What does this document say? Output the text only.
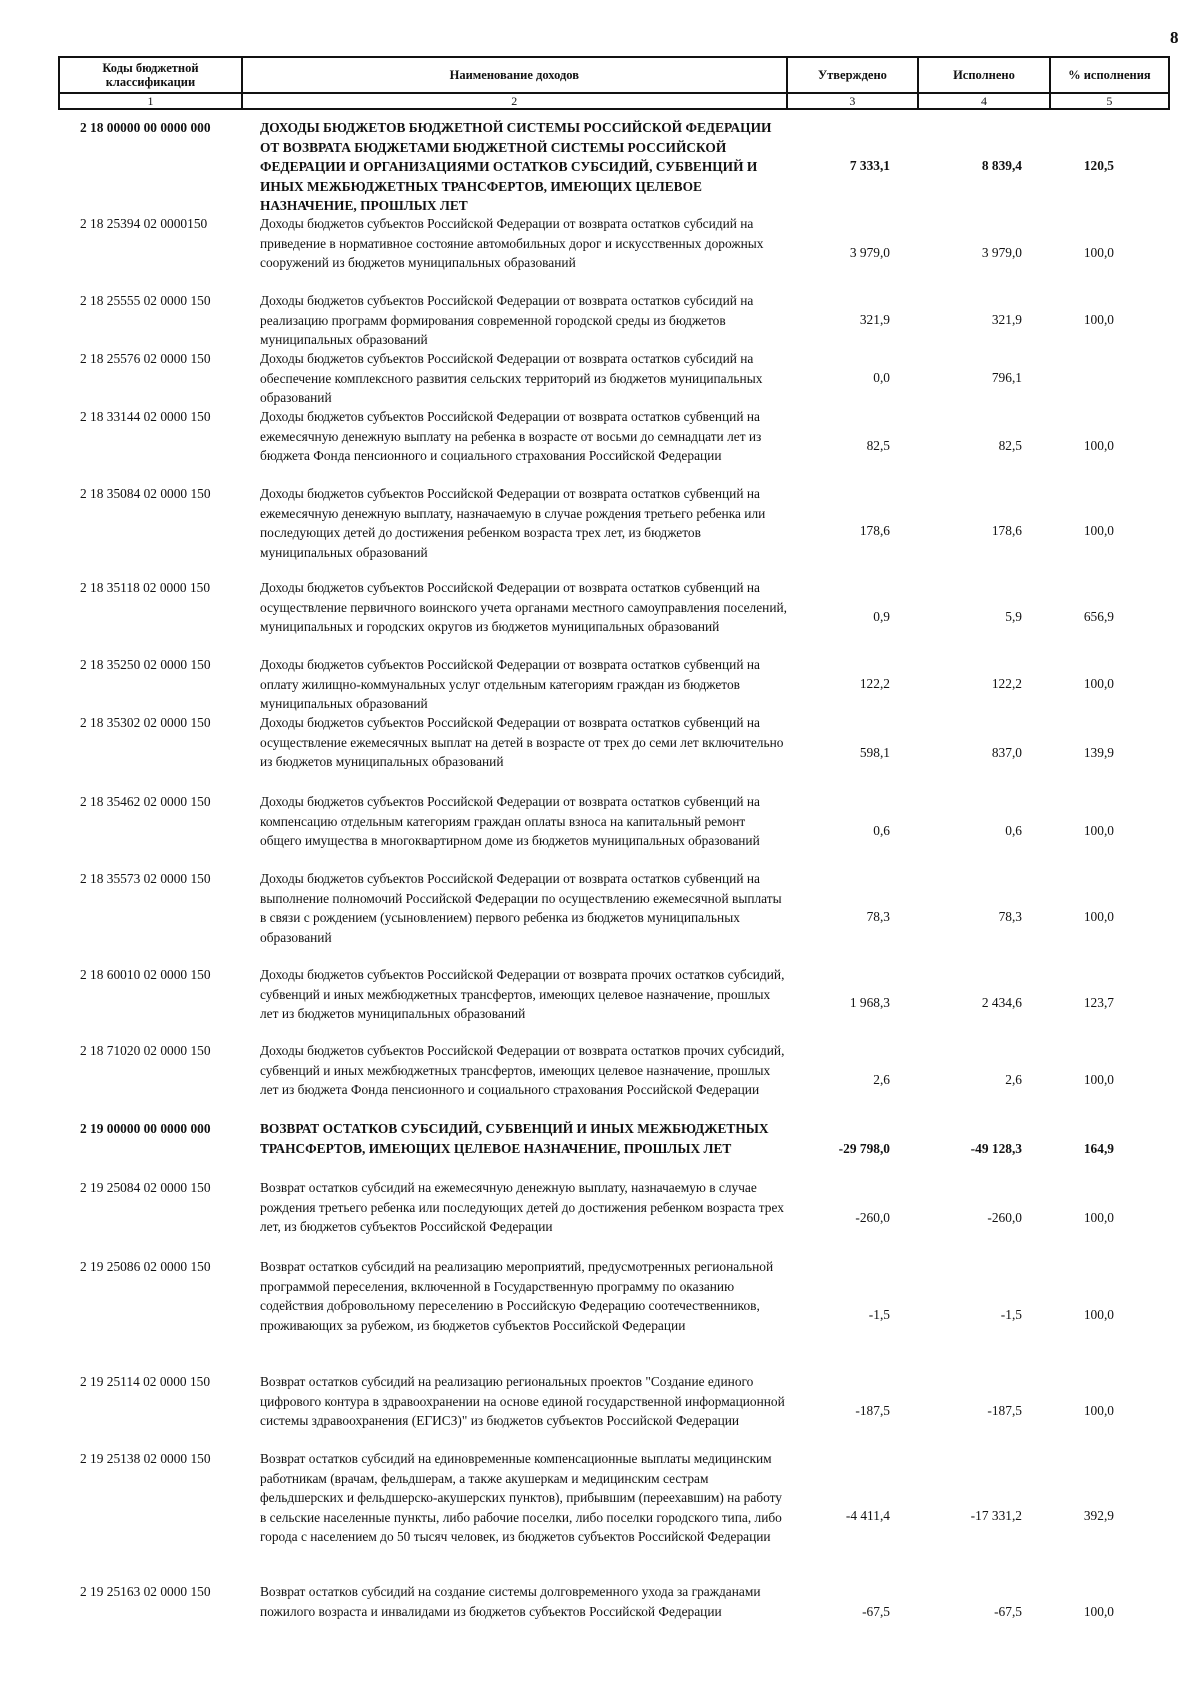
8
Коды бюджетной классификации	Наименование доходов	Утверждено	Исполнено	% исполнения
1	2	3	4	5
2 18 00000 00 0000 000	ДОХОДЫ БЮДЖЕТОВ БЮДЖЕТНОЙ СИСТЕМЫ РОССИЙСКОЙ ФЕДЕРАЦИИ ОТ ВОЗВРАТА БЮДЖЕТАМИ БЮДЖЕТНОЙ СИСТЕМЫ РОССИЙСКОЙ ФЕДЕРАЦИИ И ОРГАНИЗАЦИЯМИ ОСТАТКОВ СУБСИДИЙ, СУБВЕНЦИЙ И ИНЫХ МЕЖБЮДЖЕТНЫХ ТРАНСФЕРТОВ, ИМЕЮЩИХ ЦЕЛЕВОЕ НАЗНАЧЕНИЕ, ПРОШЛЫХ ЛЕТ
7 333,1	8 839,4	120,5
2 18 25394 02 0000150	Доходы бюджетов субъектов Российской Федерации от возврата остатков субсидий на приведение в нормативное состояние автомобильных дорог и искусственных дорожных сооружений из бюджетов муниципальных образований
3 979,0	3 979,0	100,0
2 18 25555 02 0000 150	Доходы бюджетов субъектов Российской Федерации от возврата остатков субсидий на реализацию программ формирования современной городской среды из бюджетов муниципальных образований
321,9	321,9	100,0
2 18 25576 02 0000 150	Доходы бюджетов субъектов Российской Федерации от возврата остатков субсидий на обеспечение комплексного развития сельских территорий из бюджетов муниципальных образований
0,0	796,1
2 18 33144 02 0000 150	Доходы бюджетов субъектов Российской Федерации от возврата остатков субвенций на ежемесячную денежную выплату на ребенка в возрасте от восьми до семнадцати лет из бюджета Фонда пенсионного и социального страхования Российской Федерации
82,5	82,5	100,0
2 18 35084 02 0000 150	Доходы бюджетов субъектов Российской Федерации от возврата остатков субвенций на ежемесячную денежную выплату, назначаемую в случае рождения третьего ребенка или последующих детей до достижения ребенком возраста трех лет, из бюджетов муниципальных образований
178,6	178,6	100,0
2 18 35118 02 0000 150	Доходы бюджетов субъектов Российской Федерации от возврата остатков субвенций на осуществление первичного воинского учета органами местного самоуправления поселений, муниципальных и городских округов из бюджетов муниципальных образований
0,9	5,9	656,9
2 18 35250 02 0000 150	Доходы бюджетов субъектов Российской Федерации от возврата остатков субвенций на оплату жилищно-коммунальных услуг отдельным категориям граждан из бюджетов муниципальных образований
122,2	122,2	100,0
2 18 35302 02 0000 150	Доходы бюджетов субъектов Российской Федерации от возврата остатков субвенций на осуществление ежемесячных выплат на детей в возрасте от трех до семи лет включительно из бюджетов муниципальных образований
598,1	837,0	139,9
2 18 35462 02 0000 150	Доходы бюджетов субъектов Российской Федерации от возврата остатков субвенций на компенсацию отдельным категориям граждан оплаты взноса на капитальный ремонт общего имущества в многоквартирном доме из бюджетов муниципальных образований
0,6	0,6	100,0
2 18 35573 02 0000 150	Доходы бюджетов субъектов Российской Федерации от возврата остатков субвенций на выполнение полномочий Российской Федерации по осуществлению ежемесячной выплаты в связи с рождением (усыновлением) первого ребенка из бюджетов муниципальных образований
78,3	78,3	100,0
2 18 60010 02 0000 150	Доходы бюджетов субъектов Российской Федерации от возврата прочих остатков субсидий, субвенций и иных межбюджетных трансфертов, имеющих целевое назначение, прошлых лет из бюджетов муниципальных образований
1 968,3	2 434,6	123,7
2 18 71020 02 0000 150	Доходы бюджетов субъектов Российской Федерации от возврата остатков прочих субсидий, субвенций и иных межбюджетных трансфертов, имеющих целевое назначение, прошлых лет из бюджета Фонда пенсионного и социального страхования Российской Федерации
2,6	2,6	100,0
2 19 00000 00 0000 000	ВОЗВРАТ ОСТАТКОВ СУБСИДИЙ, СУБВЕНЦИЙ И ИНЫХ МЕЖБЮДЖЕТНЫХ ТРАНСФЕРТОВ, ИМЕЮЩИХ ЦЕЛЕВОЕ НАЗНАЧЕНИЕ, ПРОШЛЫХ ЛЕТ	-29 798,0	-49 128,3	164,9
2 19 25084 02 0000 150	Возврат остатков субсидий на ежемесячную денежную выплату, назначаемую в случае рождения третьего ребенка или последующих детей до достижения ребенком возраста трех лет, из бюджетов субъектов Российской Федерации
-260,0	-260,0	100,0
2 19 25086 02 0000 150	Возврат остатков субсидий на реализацию мероприятий, предусмотренных региональной программой переселения, включенной в Государственную программу по оказанию содействия добровольному переселению в Российскую Федерацию соотечественников, проживающих за рубежом, из бюджетов субъектов Российской Федерации
-1,5	-1,5	100,0
2 19 25114 02 0000 150	Возврат остатков субсидий на реализацию региональных проектов "Создание единого цифрового контура в здравоохранении на основе единой государственной информационной системы здравоохранения (ЕГИСЗ)" из бюджетов субъектов Российской Федерации
-187,5	-187,5	100,0
2 19 25138 02 0000 150	Возврат остатков субсидий на единовременные компенсационные выплаты медицинским работникам (врачам, фельдшерам, а также акушеркам и медицинским сестрам фельдшерских и фельдшерско-акушерских пунктов), прибывшим (переехавшим) на работу в сельские населенные пункты, либо рабочие поселки, либо поселки городского типа, либо города с населением до 50 тысяч человек, из бюджетов субъектов Российской Федерации
-4 411,4	-17 331,2	392,9
2 19 25163 02 0000 150	Возврат остатков субсидий на создание системы долговременного ухода за гражданами пожилого возраста и инвалидами из бюджетов субъектов Российской Федерации	-67,5	-67,5	100,0
